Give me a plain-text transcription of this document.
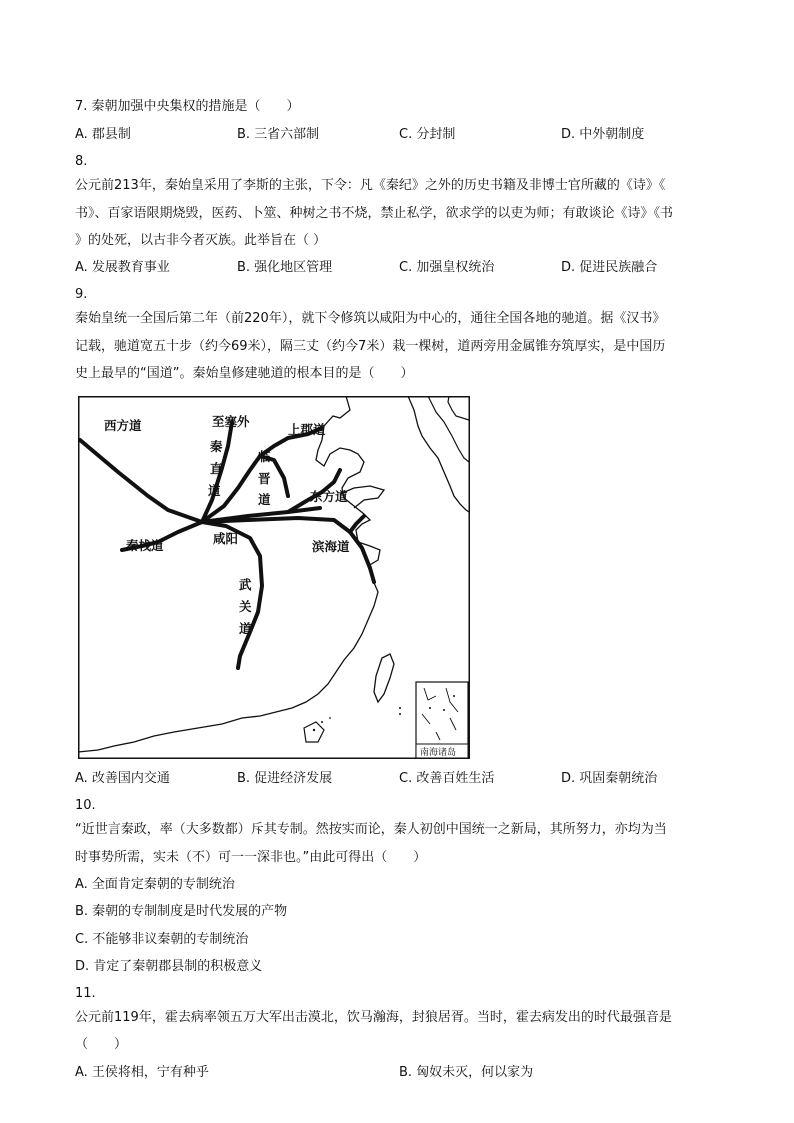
7. 秦朝加强中央集权的措施是（　　）
A. 郡县制	B. 三省六部制	C. 分封制	D. 中外朝制度
8.
公元前213年，秦始皇采用了李斯的主张，下令：凡《秦纪》之外的历史书籍及非博士官所藏的《诗》《
书》、百家语限期烧毁，医药、卜筮、种树之书不烧，禁止私学，欲求学的以吏为师；有敢谈论《诗》《书
》的处死，以古非今者灭族。此举旨在（ ）
A. 发展教育事业	B. 强化地区管理	C. 加强皇权统治	D. 促进民族融合
9.
秦始皇统一全国后第二年（前220年），就下令修筑以咸阳为中心的，通往全国各地的驰道。据《汉书》
记载，驰道宽五十步（约今69米），隔三丈（约今7米）栽一棵树，道两旁用金属锥夯筑厚实，是中国历
史上最早的“国道”。秦始皇修建驰道的根本目的是（　　）
西方道	至塞外
秦
直
道
上郡道
临
晋
道	东方道
秦栈道	咸阳
滨海道
武
关
道
南海诸岛
A. 改善国内交通	B. 促进经济发展	C. 改善百姓生活	D. 巩固秦朝统治
10.
“近世言秦政，率（大多数都）斥其专制。然按实而论，秦人初创中国统一之新局，其所努力，亦均为当
时事势所需，实未（不）可一一深非也。”由此可得出（　　）
A. 全面肯定秦朝的专制统治
B. 秦朝的专制制度是时代发展的产物
C. 不能够非议秦朝的专制统治
D. 肯定了秦朝郡县制的积极意义
11.
公元前119年，霍去病率领五万大军出击漠北，饮马瀚海，封狼居胥。当时，霍去病发出的时代最强音是
（　　）
A. 王侯将相，宁有种乎	B. 匈奴未灭，何以家为
